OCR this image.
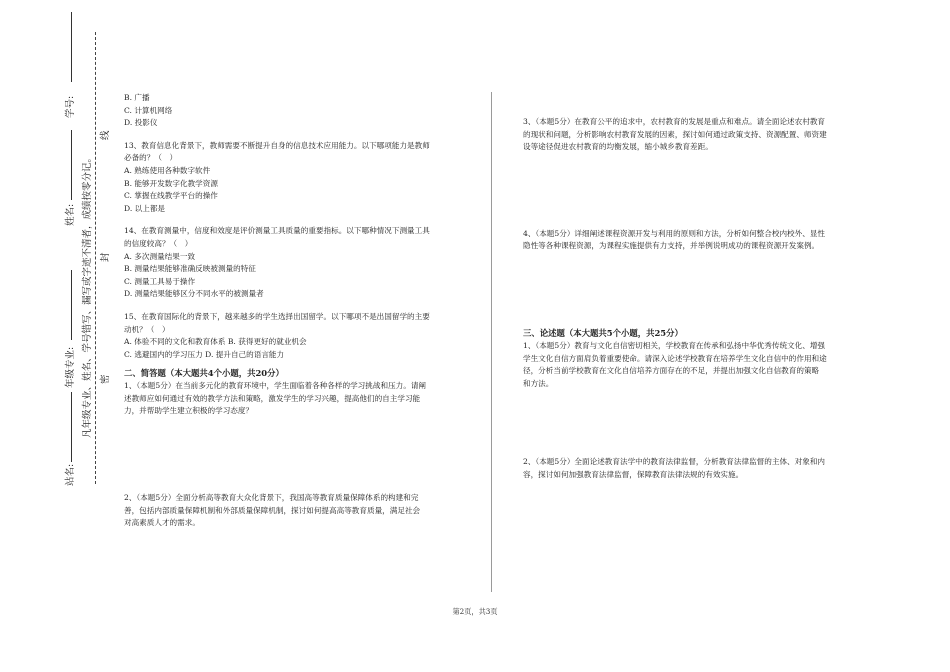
学号:
姓名:
年级专业:
站名:
凡年级专业、姓名、学号错写、漏写或字迹不清者，成绩按零分记。 密
封
线
B. 广播
C. 计算机网络
D. 投影仪
13、教育信息化背景下，教师需要不断提升自身的信息技术应用能力。以下哪项能力是教师
必备的？（　）
A. 熟练使用各种数字软件
B. 能够开发数字化教学资源
C. 掌握在线教学平台的操作
D. 以上都是
14、在教育测量中，信度和效度是评价测量工具质量的重要指标。以下哪种情况下测量工具
的信度较高？（　）
A. 多次测量结果一致
B. 测量结果能够准确反映被测量的特征
C. 测量工具易于操作
D. 测量结果能够区分不同水平的被测量者
15、在教育国际化的背景下，越来越多的学生选择出国留学。以下哪项不是出国留学的主要
动机？（　）
A. 体验不同的文化和教育体系 B. 获得更好的就业机会
C. 逃避国内的学习压力 D. 提升自己的语言能力
二、简答题（本大题共4个小题，共20分）
1、（本题5分）在当前多元化的教育环境中，学生面临着各种各样的学习挑战和压力。请阐
述教师应如何通过有效的教学方法和策略，激发学生的学习兴趣，提高他们的自主学习能
力，并帮助学生建立积极的学习态度？
2、（本题5分）全面分析高等教育大众化背景下，我国高等教育质量保障体系的构建和完
善，包括内部质量保障机制和外部质量保障机制，探讨如何提高高等教育质量，满足社会
对高素质人才的需求。
3、（本题5分）在教育公平的追求中，农村教育的发展是重点和难点。请全面论述农村教育
的现状和问题，分析影响农村教育发展的因素，探讨如何通过政策支持、资源配置、师资建
设等途径促进农村教育的均衡发展，缩小城乡教育差距。
4、（本题5分）详细阐述课程资源开发与利用的原则和方法，分析如何整合校内校外、显性
隐性等各种课程资源，为课程实施提供有力支持，并举例说明成功的课程资源开发案例。
三、论述题（本大题共5个小题，共25分）
1、（本题5分）教育与文化自信密切相关，学校教育在传承和弘扬中华优秀传统文化、增强
学生文化自信方面肩负着重要使命。请深入论述学校教育在培养学生文化自信中的作用和途
径，分析当前学校教育在文化自信培养方面存在的不足，并提出加强文化自信教育的策略
和方法。
2、（本题5分）全面论述教育法学中的教育法律监督，分析教育法律监督的主体、对象和内
容，探讨如何加强教育法律监督，保障教育法律法规的有效实施。
第2页，共3页
